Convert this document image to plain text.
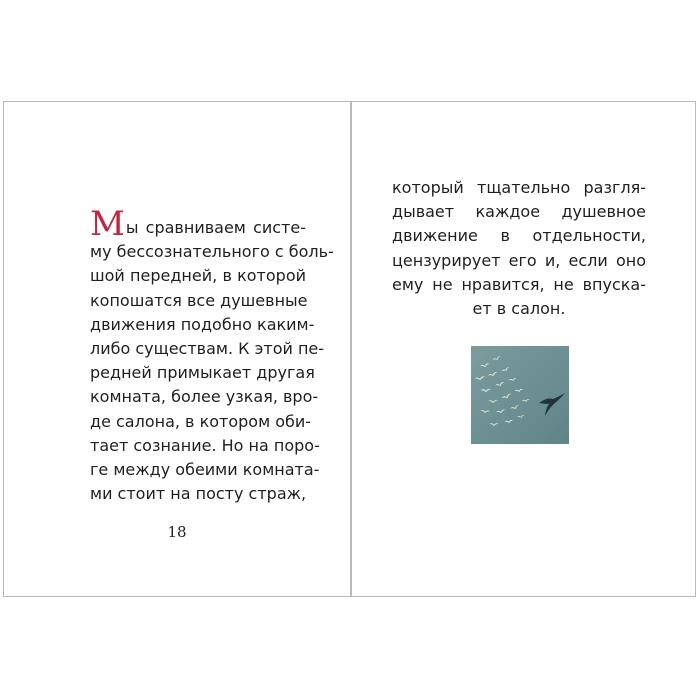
Мы сравниваем систе-
му бессознательного с боль-
шой передней, в которой
копошатся все душевные
движения подобно каким-
либо существам. К этой пе-
редней примыкает другая
комната, более узкая, вро-
де салона, в котором оби-
тает сознание. Но на поро-
ге между обеими комната-
ми стоит на посту страж,

18

который тщательно разгля-
дывает каждое душевное
движение в отдельности,
цензурирует его и, если оно
ему не нравится, не впуска-
ет в салон.
